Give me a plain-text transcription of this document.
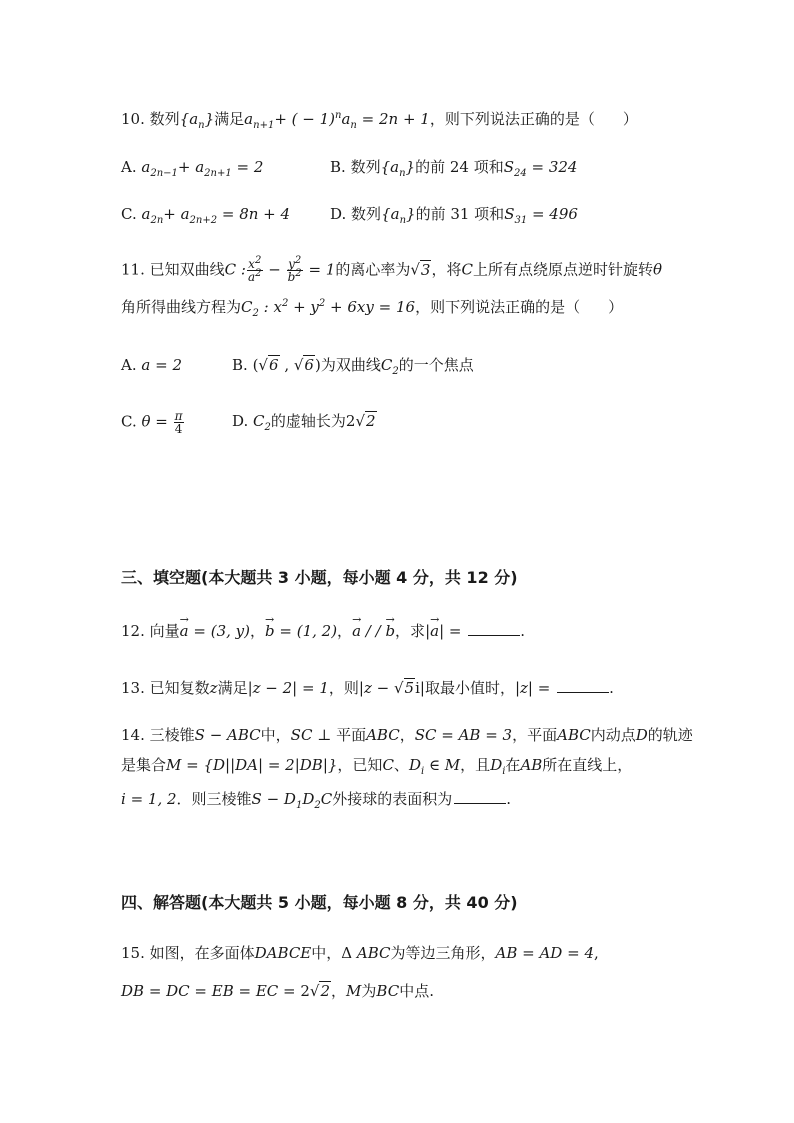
10. 数列$\{a_n\}$满足$a_{n+1}+$ ( − $1)^na_n = 2n + 1$，则下列说法正确的是（ ）
A. $a_{2n-1}+ a_{2n+1} = 2$	B. 数列$\{a_n\}$的前 24 项和$S_{24} = 324$
C. $a_{2n}+ a_{2n+2} = 8n + 4$	D. 数列$\{a_n\}$的前 31 项和$S_{31} = 496$
11. 已知双曲线C : $\frac{x^2}{a^2} - \frac{y^2}{b^2} = 1$的离心率为√3，将C上所有点绕原点逆时针旋转θ
角所得曲线方程为$C_2$ : $x^2 + y^2 + 6xy = 16$，则下列说法正确的是（ ）
A. a = 2	B. (√6 , √6)为双曲线$C_2$的一个焦点
C. $\theta = \frac{\pi}{4}$	D. $C_2$的虚轴长为2√2
三、填空题(本大题共 3 小题，每小题 4 分，共 12 分)
12. 向量→ a = (3, y)，→ b = (1, 2)，→ a / / → b，求|→ a| =	.
13. 已知复数z满足|z − 2| = 1，则|z − √5i|取最小值时，|z| =	.
14. 三棱锥S − ABC中，SC ⊥ 平面ABC，SC = AB = 3，平面ABC内动点D的轨迹
是集合M = {D||DA| = 2|DB|}，已知C、$D_i$ ∈ M，且$D_i$在AB所在直线上，
i = 1, 2．则三棱锥$S - D_1D_2C$外接球的表面积为	.
四、解答题(本大题共 5 小题，每小题 8 分，共 40 分)
15. 如图，在多面体DABCE中，Δ ABC为等边三角形，AB = AD = 4,
DB = DC = EB = EC = 2√2，M为BC中点.
